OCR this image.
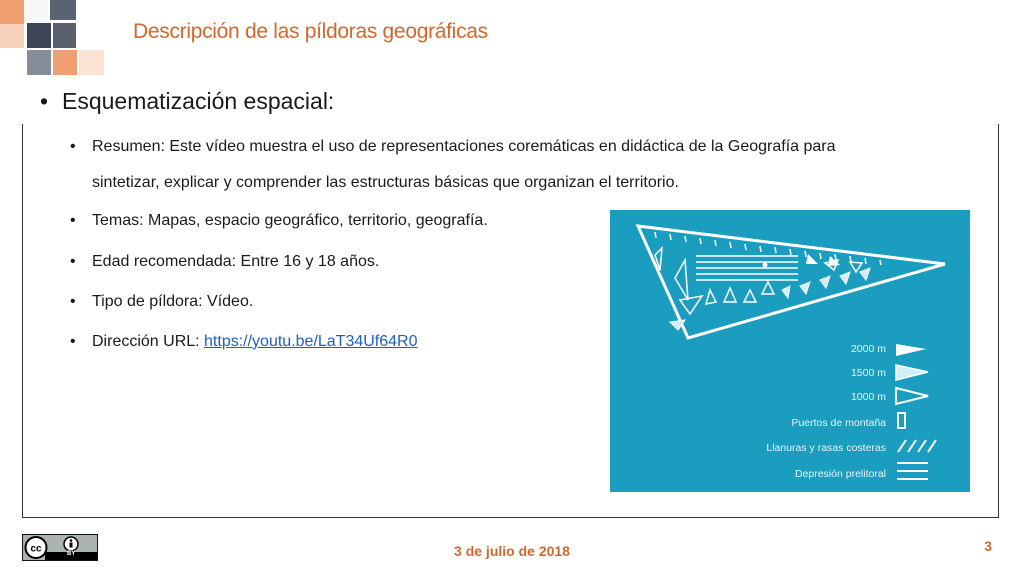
Descripción de las píldoras geográficas
• Esquematización espacial:
• Resumen: Este vídeo muestra el uso de representaciones coremáticas en didáctica de la Geografía para
sintetizar, explicar y comprender las estructuras básicas que organizan el territorio.
• Temas: Mapas, espacio geográfico, territorio, geografía.
• Edad recomendada: Entre 16 y 18 años.
• Tipo de píldora: Vídeo.
• Dirección URL: https://youtu.be/LaT34Uf64R0	2000 m
1500 m
1000 m
Puertos de montaña
Llanuras y rasas costeras
Depresión prelitoral
cc	BY	3 de julio de 2018	3
